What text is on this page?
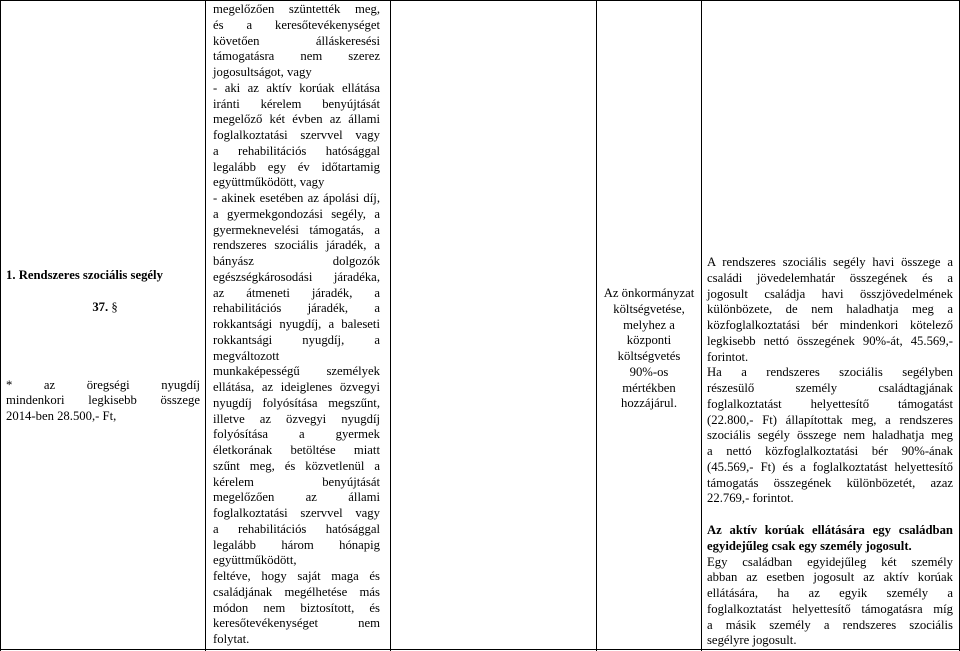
1. Rendszeres szociális segély
37. §
* az öregségi nyugdíj
mindenkori legkisebb összege
2014-ben 28.500,- Ft,
megelőzően szüntették meg,
és a keresőtevékenységet
követően álláskeresési
támogatásra nem szerez
jogosultságot, vagy
- aki az aktív korúak ellátása
iránti kérelem benyújtását
megelőző két évben az állami
foglalkoztatási szervvel vagy
a rehabilitációs hatósággal
legalább egy év időtartamig
együttműködött, vagy
- akinek esetében az ápolási díj,
a gyermekgondozási segély, a
gyermeknevelési támogatás, a
rendszeres szociális járadék, a
bányász dolgozók
egészségkárosodási járadéka,
az átmeneti járadék, a
rehabilitációs járadék, a
rokkantsági nyugdíj, a baleseti
rokkantsági nyugdíj, a
megváltozott
munkaképességű személyek
ellátása, az ideiglenes özvegyi
nyugdíj folyósítása megszűnt,
illetve az özvegyi nyugdíj
folyósítása a gyermek
életkorának betöltése miatt
szűnt meg, és közvetlenül a
kérelem benyújtását
megelőzően az állami
foglalkoztatási szervvel vagy
a rehabilitációs hatósággal
legalább három hónapig
együttműködött,
feltéve, hogy saját maga és
családjának megélhetése más
módon nem biztosított, és
keresőtevékenységet nem
folytat.
Az önkormányzat
költségvetése,
melyhez a
központi
költségvetés
90%-os
mértékben
hozzájárul.
A rendszeres szociális segély havi összege a
családi jövedelemhatár összegének és a
jogosult családja havi összjövedelmének
különbözete, de nem haladhatja meg a
közfoglalkoztatási bér mindenkori kötelező
legkisebb nettó összegének 90%-át, 45.569,-
forintot.
Ha a rendszeres szociális segélyben
részesülő személy családtagjának
foglalkoztatást helyettesítő támogatást
(22.800,- Ft) állapítottak meg, a rendszeres
szociális segély összege nem haladhatja meg
a nettó közfoglalkoztatási bér 90%-ának
(45.569,- Ft) és a foglalkoztatást helyettesítő
támogatás összegének különbözetét, azaz
22.769,- forintot.
Az aktív korúak ellátására egy családban
egyidejűleg csak egy személy jogosult.
Egy családban egyidejűleg két személy
abban az esetben jogosult az aktív korúak
ellátására, ha az egyik személy a
foglalkoztatást helyettesítő támogatásra míg
a másik személy a rendszeres szociális
segélyre jogosult.
